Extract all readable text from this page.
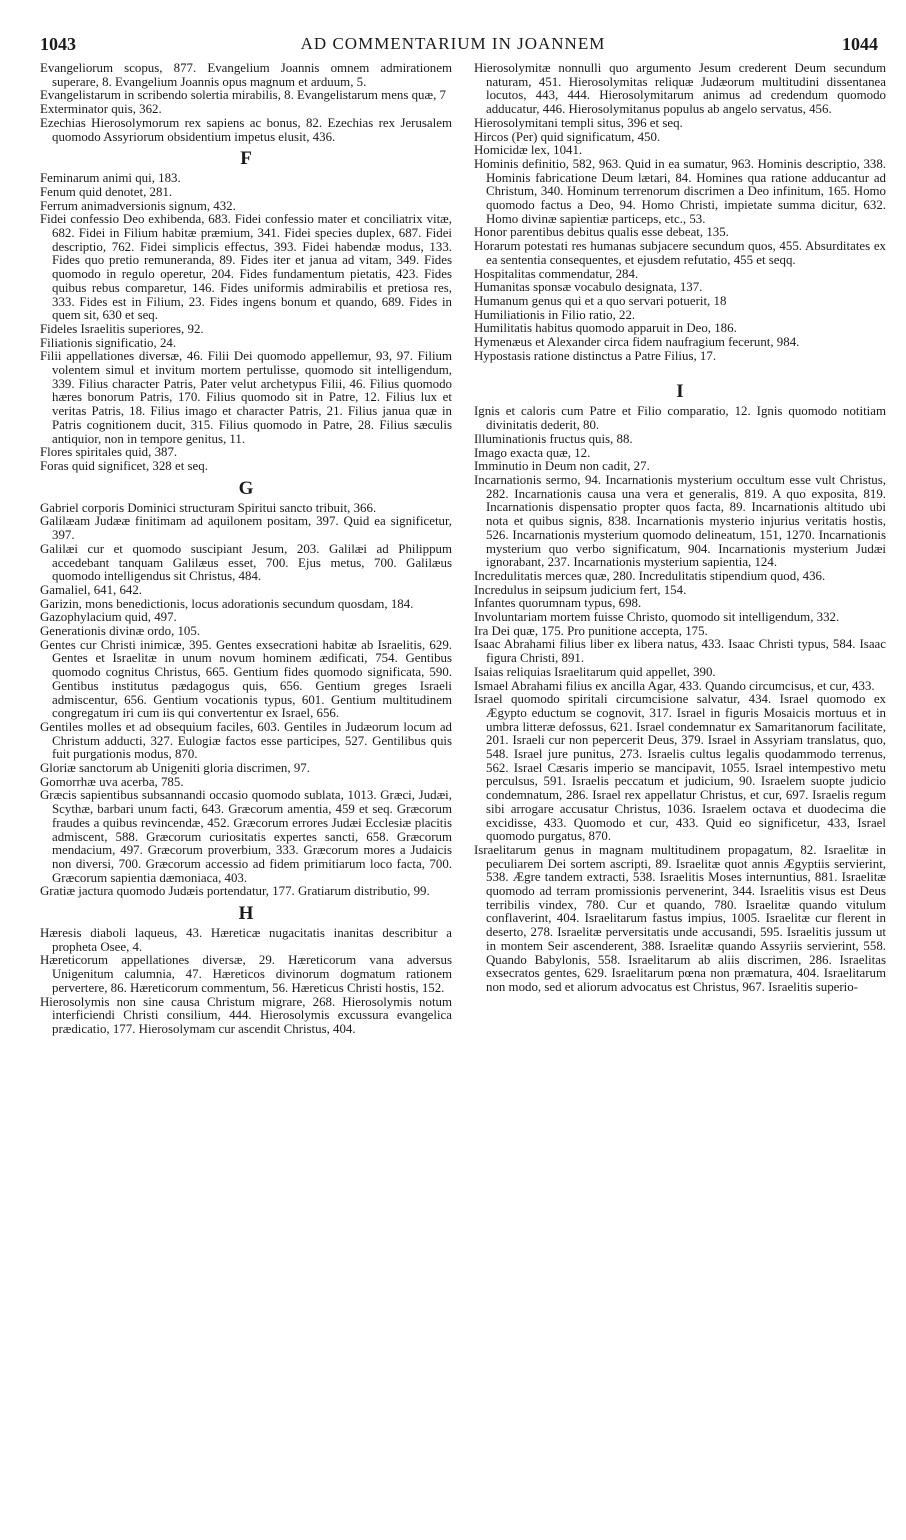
1043	AD COMMENTARIUM IN JOANNEM	1044

Evangeliorum scopus, 877. Evangelium Joannis omnem admirationem superare, 8. Evangelium Joannis opus magnum et arduum, 5.

Evangelistarum in scribendo solertia mirabilis, 8. Evangelistarum mens quæ, 7

Exterminator quis, 362.

Ezechias Hierosolymorum rex sapiens ac bonus, 82. Ezechias rex Jerusalem quomodo Assyriorum obsidentium impetus elusit, 436.

F

Feminarum animi qui, 183.

Fenum quid denotet, 281.

Ferrum animadversionis signum, 432.

Fidei confessio Deo exhibenda, 683. Fidei confessio mater et conciliatrix vitæ, 682. Fidei in Filium habitæ præmium, 341. Fidei species duplex, 687. Fidei descriptio, 762. Fidei simplicis effectus, 393. Fidei habendæ modus, 133. Fides quo pretio remuneranda, 89. Fides iter et janua ad vitam, 349. Fides quomodo in regulo operetur, 204. Fides fundamentum pietatis, 423. Fides quibus rebus comparetur, 146. Fides uniformis admirabilis et pretiosa res, 333. Fides est in Filium, 23. Fides ingens bonum et quando, 689. Fides in quem sit, 630 et seq.

Fideles Israelitis superiores, 92.

Filiationis significatio, 24.

Filii appellationes diversæ, 46. Filii Dei quomodo appellemur, 93, 97. Filium volentem simul et invitum mortem pertulisse, quomodo sit intelligendum, 339. Filius character Patris, Pater velut archetypus Filii, 46. Filius quomodo hæres bonorum Patris, 170. Filius quomodo sit in Patre, 12. Filius lux et veritas Patris, 18. Filius imago et character Patris, 21. Filius janua quæ in Patris cognitionem ducit, 315. Filius quomodo in Patre, 28. Filius sæculis antiquior, non in tempore genitus, 11.

Flores spiritales quid, 387.

Foras quid significet, 328 et seq.

G

Gabriel corporis Dominici structuram Spiritui sancto tribuit, 366.

Galilæam Judææ finitimam ad aquilonem positam, 397. Quid ea significetur, 397.

Galilæi cur et quomodo suscipiant Jesum, 203. Galilæi ad Philippum accedebant tanquam Galilæus esset, 700. Ejus metus, 700. Galilæus quomodo intelligendus sit Christus, 484.

Gamaliel, 641, 642.

Garizin, mons benedictionis, locus adorationis secundum quosdam, 184.

Gazophylacium quid, 497.

Generationis divinæ ordo, 105.

Gentes cur Christi inimicæ, 395. Gentes exsecrationi habitæ ab Israelitis, 629. Gentes et Israelitæ in unum novum hominem ædificati, 754. Gentibus quomodo cognitus Christus, 665. Gentium fides quomodo significata, 590. Gentibus institutus pædagogus quis, 656. Gentium greges Israeli admiscentur, 656. Gentium vocationis typus, 601. Gentium multitudinem congregatum iri cum iis qui convertentur ex Israel, 656.

Gentiles molles et ad obsequium faciles, 603. Gentiles in Judæorum locum ad Christum adducti, 327. Eulogiæ factos esse participes, 527. Gentilibus quis fuit purgationis modus, 870.

Gloriæ sanctorum ab Unigeniti gloria discrimen, 97.

Gomorrhæ uva acerba, 785.

Græcis sapientibus subsannandi occasio quomodo sublata, 1013. Græci, Judæi, Scythæ, barbari unum facti, 643. Græcorum amentia, 459 et seq. Græcorum fraudes a quibus revincendæ, 452. Græcorum errores Judæi Ecclesiæ placitis admiscent, 588. Græcorum curiositatis expertes sancti, 658. Græcorum mendacium, 497. Græcorum proverbium, 333. Græcorum mores a Judaicis non diversi, 700. Græcorum accessio ad fidem primitiarum loco facta, 700. Græcorum sapientia dæmoniaca, 403.

Gratiæ jactura quomodo Judæis portendatur, 177. Gratiarum distributio, 99.

H

Hæresis diaboli laqueus, 43. Hæreticæ nugacitatis inanitas describitur a propheta Osee, 4.

Hæreticorum appellationes diversæ, 29. Hæreticorum vana adversus Unigenitum calumnia, 47. Hæreticos divinorum dogmatum rationem pervertere, 86. Hæreticorum commentum, 56. Hæreticus Christi hostis, 152.

Hierosolymis non sine causa Christum migrare, 268. Hierosolymis notum interficiendi Christi consilium, 444. Hierosolymis excussura evangelica prædicatio, 177. Hierosolymam cur ascendit Christus, 404.

Hierosolymitæ nonnulli quo argumento Jesum crederent Deum secundum naturam, 451. Hierosolymitas reliquæ Judæorum multitudini dissentanea locutos, 443, 444. Hierosolymitarum animus ad credendum quomodo adducatur, 446. Hierosolymitanus populus ab angelo servatus, 456.

Hierosolymitani templi situs, 396 et seq.

Hircos (Per) quid significatum, 450.

Homicidæ lex, 1041.

Hominis definitio, 582, 963. Quid in ea sumatur, 963. Hominis descriptio, 338. Hominis fabricatione Deum lætari, 84. Homines qua ratione adducantur ad Christum, 340. Hominum terrenorum discrimen a Deo infinitum, 165. Homo quomodo factus a Deo, 94. Homo Christi, impietate summa dicitur, 632. Homo divinæ sapientiæ particeps, etc., 53.

Honor parentibus debitus qualis esse debeat, 135.

Horarum potestati res humanas subjacere secundum quos, 455. Absurditates ex ea sententia consequentes, et ejusdem refutatio, 455 et seqq.

Hospitalitas commendatur, 284.

Humanitas sponsæ vocabulo designata, 137.

Humanum genus qui et a quo servari potuerit, 18

Humiliationis in Filio ratio, 22.

Humilitatis habitus quomodo apparuit in Deo, 186.

Hymenæus et Alexander circa fidem naufragium fecerunt, 984.

Hypostasis ratione distinctus a Patre Filius, 17.

I

Ignis et caloris cum Patre et Filio comparatio, 12. Ignis quomodo notitiam divinitatis dederit, 80.

Illuminationis fructus quis, 88.

Imago exacta quæ, 12.

Imminutio in Deum non cadit, 27.

Incarnationis sermo, 94. Incarnationis mysterium occultum esse vult Christus, 282. Incarnationis causa una vera et generalis, 819. A quo exposita, 819. Incarnationis dispensatio propter quos facta, 89. Incarnationis altitudo ubi nota et quibus signis, 838. Incarnationis mysterio injurius veritatis hostis, 526. Incarnationis mysterium quomodo delineatum, 151, 1270. Incarnationis mysterium quo verbo significatum, 904. Incarnationis mysterium Judæi ignorabant, 237. Incarnationis mysterium sapientia, 124.

Incredulitatis merces quæ, 280. Incredulitatis stipendium quod, 436.

Incredulus in seipsum judicium fert, 154.

Infantes quorumnam typus, 698.

Involuntariam mortem fuisse Christo, quomodo sit intelligendum, 332.

Ira Dei quæ, 175. Pro punitione accepta, 175.

Isaac Abrahami filius liber ex libera natus, 433. Isaac Christi typus, 584. Isaac figura Christi, 891.

Isaias reliquias Israelitarum quid appellet, 390.

Ismael Abrahami filius ex ancilla Agar, 433. Quando circumcisus, et cur, 433.

Israel quomodo spiritali circumcisione salvatur, 434. Israel quomodo ex Ægypto eductum se cognovit, 317. Israel in figuris Mosaicis mortuus et in umbra litteræ defossus, 621. Israel condemnatur ex Samaritanorum facilitate, 201. Israeli cur non pepercerit Deus, 379. Israel in Assyriam translatus, quo, 548. Israel jure punitus, 273. Israelis cultus legalis quodammodo terrenus, 562. Israel Cæsaris imperio se mancipavit, 1055. Israel intempestivo metu perculsus, 591. Israelis peccatum et judicium, 90. Israelem suopte judicio condemnatum, 286. Israel rex appellatur Christus, et cur, 697. Israelis regum sibi arrogare accusatur Christus, 1036. Israelem octava et duodecima die excidisse, 433. Quomodo et cur, 433. Quid eo significetur, 433, Israel quomodo purgatus, 870.

Israelitarum genus in magnam multitudinem propagatum, 82. Israelitæ in peculiarem Dei sortem ascripti, 89. Israelitæ quot annis Ægyptiis servierint, 538. Ægre tandem extracti, 538. Israelitis Moses internuntius, 881. Israelitæ quomodo ad terram promissionis pervenerint, 344. Israelitis visus est Deus terribilis vindex, 780. Cur et quando, 780. Israelitæ quando vitulum conflaverint, 404. Israelitarum fastus impius, 1005. Israelitæ cur flerent in deserto, 278. Israelitæ perversitatis unde accusandi, 595. Israelitis jussum ut in montem Seir ascenderent, 388. Israelitæ quando Assyriis servierint, 558. Quando Babylonis, 558. Israelitarum ab aliis discrimen, 286. Israelitas exsecratos gentes, 629. Israelitarum pœna non præmatura, 404. Israelitarum non modo, sed et aliorum advocatus est Christus, 967. Israelitis superio-
